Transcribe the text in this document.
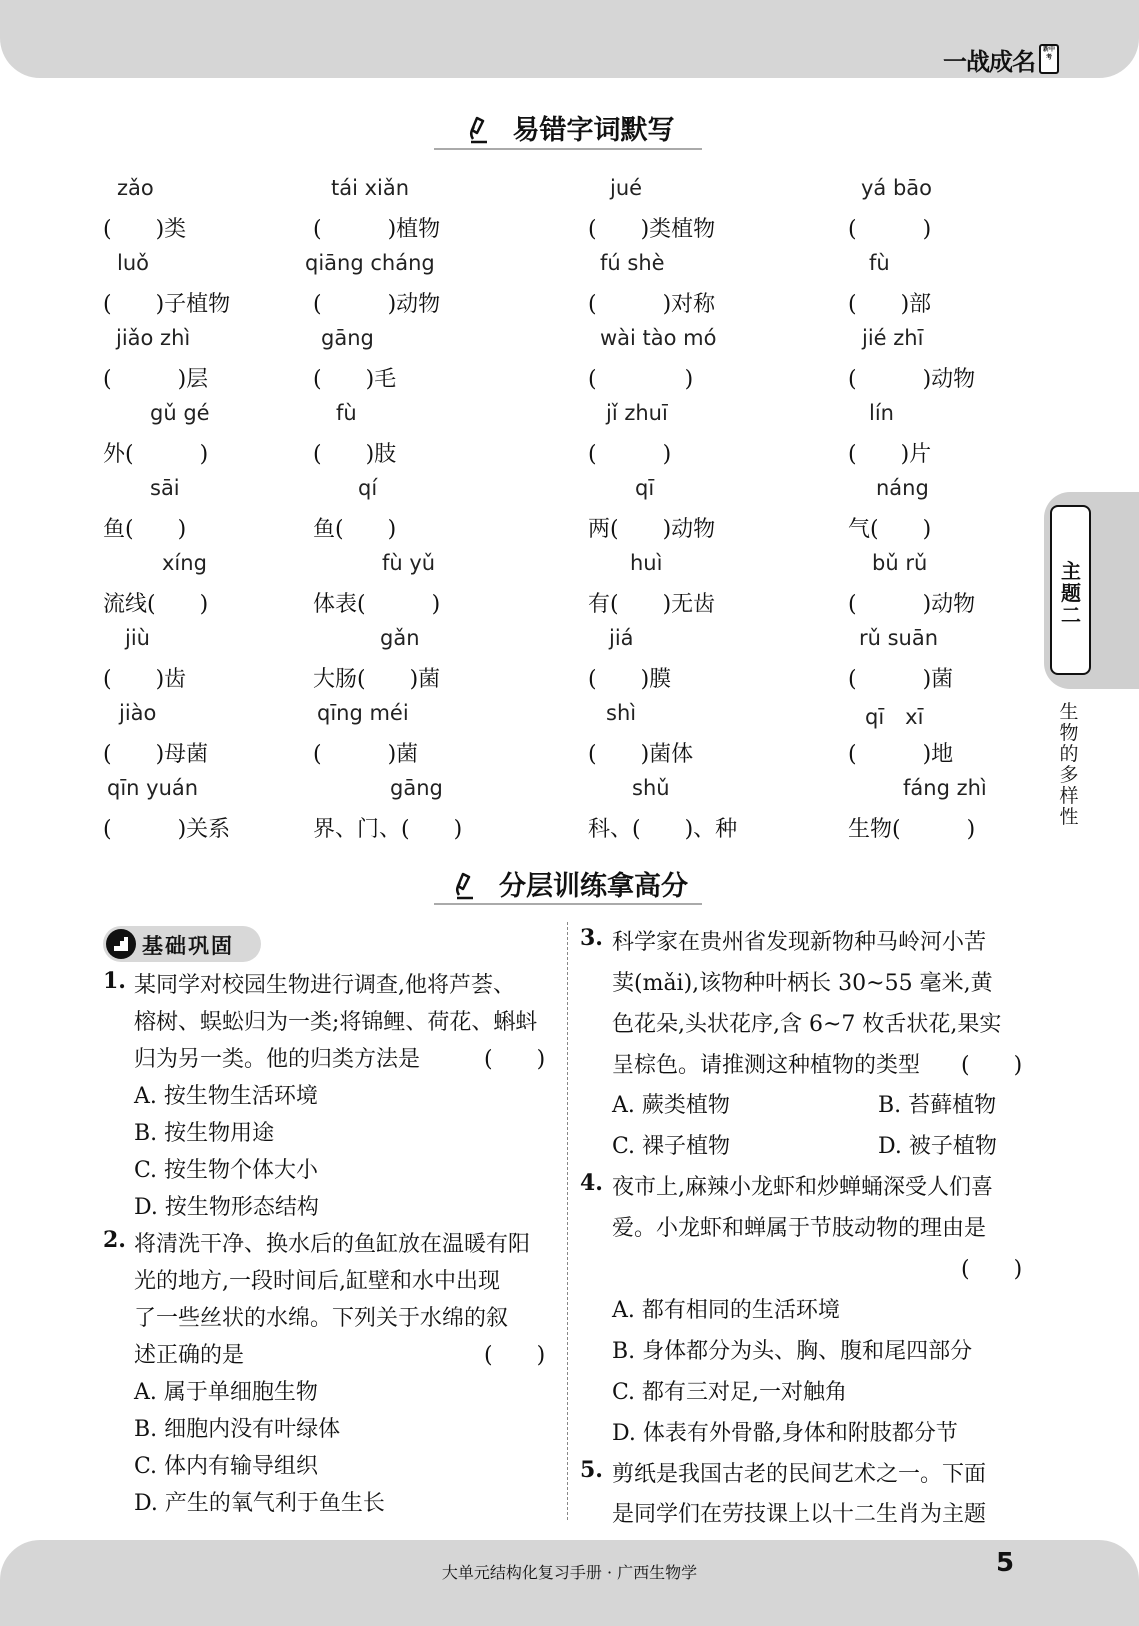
一战成名	新中考
易错字词默写
zǎo	tái xiǎn	jué	yá bāo
(　　)类	(　　　)植物	(　　)类植物	(　　　)
luǒ	qiāng cháng	fú shè	fù
(　　)子植物	(　　　)动物	(　　　)对称	(　　)部
jiǎo zhì	gāng	wài tào mó	jié zhī
(　　　)层	(　　)毛	(　　　　)	(　　　)动物
gǔ gé	fù	jǐ zhuī	lín
外(　　　)	(　　)肢	(　　　)	(　　)片
sāi	qí	qī	náng
鱼(　　)	鱼(　　)	两(　　)动物	气(　　)
xíng	fù yǔ	huì	bǔ rǔ
流线(　　)	体表(　　　)	有(　　)无齿	(　　　)动物
jiù	gǎn	jiá	rǔ suān
(　　)齿	大肠(　　)菌	(　　)膜	(　　　)菌
jiào	qīng méi	shì	qī　xī
(　　)母菌	(　　　)菌	(　　)菌体	(　　　)地
qīn yuán	gāng	shǔ	fáng zhì
(　　　)关系	界、门、(　　)	科、(　　)、种	生物(　　　)
主题二
生物的多样性
分层训练拿高分
基础巩固
1. 某同学对校园生物进行调查,他将芦荟、
榕树、蜈蚣归为一类;将锦鲤、荷花、蝌蚪
归为另一类。他的归类方法是	(　　)
A. 按生物生活环境
B. 按生物用途
C. 按生物个体大小
D. 按生物形态结构
2. 将清洗干净、换水后的鱼缸放在温暖有阳
光的地方,一段时间后,缸壁和水中出现
了一些丝状的水绵。下列关于水绵的叙
述正确的是	(　　)
A. 属于单细胞生物
B. 细胞内没有叶绿体
C. 体内有输导组织
D. 产生的氧气利于鱼生长
3. 科学家在贵州省发现新物种马岭河小苦
荬(mǎi),该物种叶柄长 30~55 毫米,黄
色花朵,头状花序,含 6~7 枚舌状花,果实
呈棕色。请推测这种植物的类型 (　　)
A. 蕨类植物	B. 苔藓植物
C. 裸子植物	D. 被子植物
4. 夜市上,麻辣小龙虾和炒蝉蛹深受人们喜
爱。小龙虾和蝉属于节肢动物的理由是
(　　)
A. 都有相同的生活环境
B. 身体都分为头、胸、腹和尾四部分
C. 都有三对足,一对触角
D. 体表有外骨骼,身体和附肢都分节
5. 剪纸是我国古老的民间艺术之一。下面
是同学们在劳技课上以十二生肖为主题
大单元结构化复习手册 · 广西生物学	5
